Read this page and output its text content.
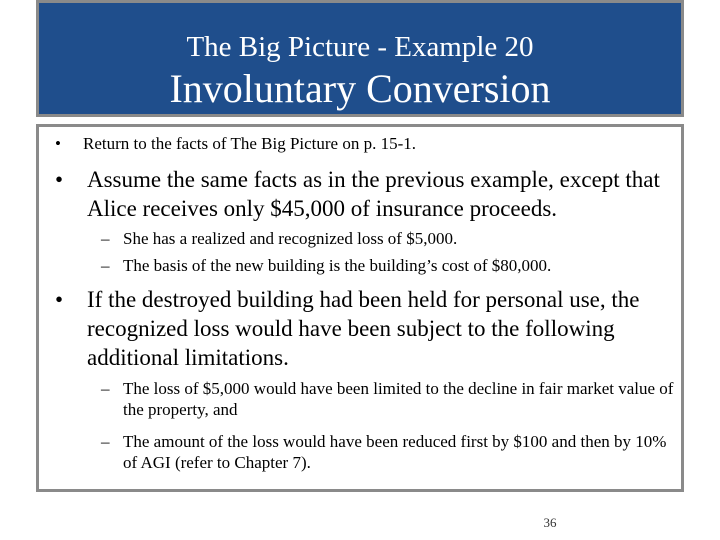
The Big Picture - Example 20
Involuntary Conversion
•	Return to the facts of The Big Picture on p. 15-1.
•	Assume the same facts as in the previous example, except that Alice receives only $45,000 of insurance proceeds.
– She has a realized and recognized loss of $5,000.
– The basis of the new building is the building’s cost of $80,000.
•	If the destroyed building had been held for personal use, the recognized loss would have been subject to the following additional limitations.
– The loss of $5,000 would have been limited to the decline in fair market value of the property, and
– The amount of the loss would have been reduced first by $100 and then by 10% of AGI (refer to Chapter 7).
36
